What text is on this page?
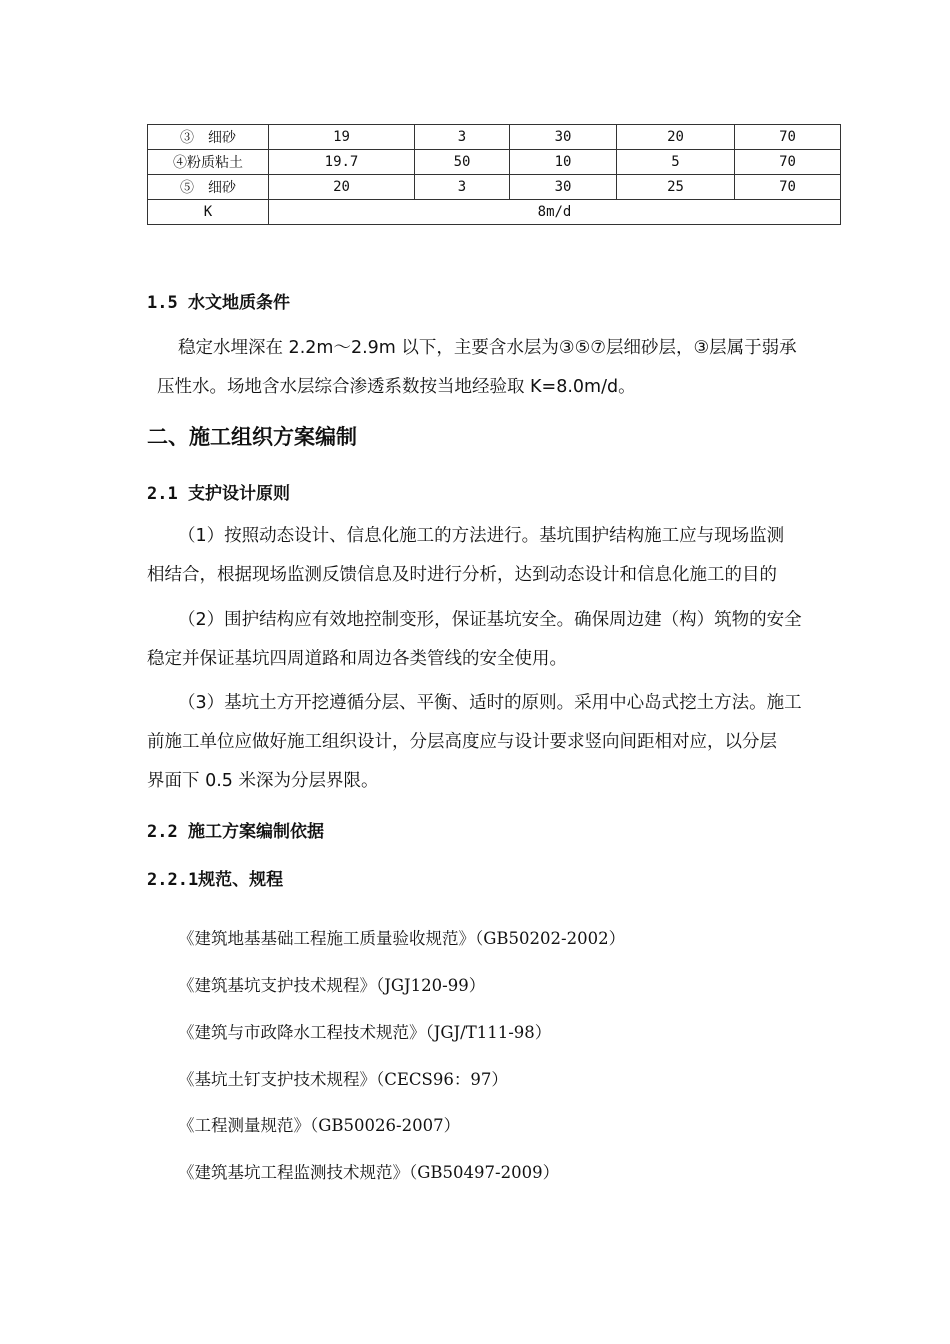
③　细砂	19	3	30	20	70
④粉质粘土	19.7	50	10	5	70
⑤　细砂	20	3	30	25	70
K	8m/d				
1.5 水文地质条件
稳定水埋深在 2.2m～2.9m 以下，主要含水层为③⑤⑦层细砂层，③层属于弱承
压性水。场地含水层综合渗透系数按当地经验取 K=8.0m/d。
二、施工组织方案编制
2.1 支护设计原则
（1）按照动态设计、信息化施工的方法进行。基坑围护结构施工应与现场监测
相结合，根据现场监测反馈信息及时进行分析，达到动态设计和信息化施工的目的
（2）围护结构应有效地控制变形，保证基坑安全。确保周边建（构）筑物的安全
稳定并保证基坑四周道路和周边各类管线的安全使用。
（3）基坑土方开挖遵循分层、平衡、适时的原则。采用中心岛式挖土方法。施工
前施工单位应做好施工组织设计，分层高度应与设计要求竖向间距相对应，以分层
界面下 0.5 米深为分层界限。
2.2 施工方案编制依据
2.2.1规范、规程
《建筑地基基础工程施工质量验收规范》（GB50202-2002）
《建筑基坑支护技术规程》（JGJ120-99）
《建筑与市政降水工程技术规范》（JGJ/T111-98）
《基坑土钉支护技术规程》（CECS96：97）
《工程测量规范》（GB50026-2007）
《建筑基坑工程监测技术规范》（GB50497-2009）
